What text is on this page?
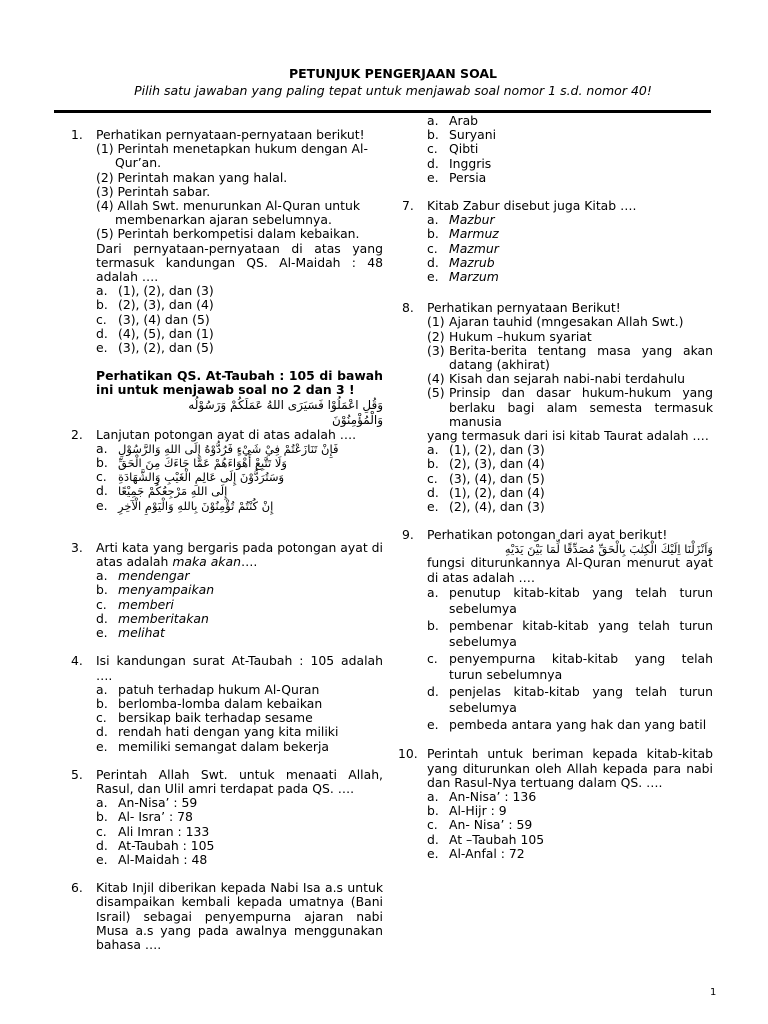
PETUNJUK PENGERJAAN SOAL
Pilih satu jawaban yang paling tepat untuk menjawab soal nomor 1 s.d. nomor 40!
1. Perhatikan pernyataan-pernyataan berikut!
(1) Perintah menetapkan hukum dengan Al-
Qur’an.
(2) Perintah makan yang halal.
(3) Perintah sabar.
(4) Allah Swt. menurunkan Al-Quran untuk
membenarkan ajaran sebelumnya.
(5) Perintah berkompetisi dalam kebaikan.
Dari pernyataan-pernyataan di atas yang termasuk kandungan QS. Al-Maidah : 48 adalah ….
a. (1), (2), dan (3)
b. (2), (3), dan (4)
c. (3), (4) dan (5)
d. (4), (5), dan (1)
e. (3), (2), dan (5)
Perhatikan QS. At-Taubah : 105 di bawah ini untuk menjawab soal no 2 dan 3 !
وَقُلِ اعْمَلُوْا فَسَيَرَى اللهُ عَمَلَكُمْ وَرَسُوْلُه
وَالْمُؤْمِنُوْنَ
2. Lanjutan potongan ayat di atas adalah ….
a. فَإِنْ تَنَازَعْتُمْ فِيْ شَيْءٍ فَرُدُّوْهُ إِلَى اللهِ وَالرَّسُوْلِ
b. وَلَا تَتَّبِعْ أَهْوَاءَهُمْ عَمَّا جَاءَكَ مِنَ الْحَقِّ
c. وَسَتُرَدُّوْنَ إِلَى عَالِمِ الْغَيْبِ وَالشَّهَادَةِ
d. إِلَى اللهِ مَرْجِعُكُمْ جَمِيْعًا
e. إِنْ كُنْتُمْ تُؤْمِنُوْنَ بِاللهِ وَالْيَوْمِ الْآخِرِ
3. Arti kata yang bergaris pada potongan ayat di atas adalah maka akan….
a. mendengar
b. menyampaikan
c. memberi
d. memberitakan
e. melihat
4. Isi kandungan surat At-Taubah : 105 adalah ….
a. patuh terhadap hukum Al-Quran
b. berlomba-lomba dalam kebaikan
c. bersikap baik terhadap sesame
d. rendah hati dengan yang kita miliki
e. memiliki semangat dalam bekerja
5. Perintah Allah Swt. untuk menaati Allah, Rasul, dan Ulil amri terdapat pada QS. ….
a. An-Nisa’ : 59
b. Al- Isra’ : 78
c. Ali Imran : 133
d. At-Taubah : 105
e. Al-Maidah : 48
6. Kitab Injil diberikan kepada Nabi Isa a.s untuk disampaikan kembali kepada umatnya (Bani Israil) sebagai penyempurna ajaran nabi Musa a.s yang pada awalnya menggunakan bahasa ….
a. Arab
b. Suryani
c. Qibti
d. Inggris
e. Persia
7. Kitab Zabur disebut juga Kitab ….
a. Mazbur
b. Marmuz
c. Mazmur
d. Mazrub
e. Marzum
8. Perhatikan pernyataan Berikut!
(1) Ajaran tauhid (mngesakan Allah Swt.)
(2) Hukum –hukum syariat
(3) Berita-berita tentang masa yang akan datang (akhirat)
(4) Kisah dan sejarah nabi-nabi terdahulu
(5) Prinsip dan dasar hukum-hukum yang berlaku bagi alam semesta termasuk manusia
yang termasuk dari isi kitab Taurat adalah ….
a. (1), (2), dan (3)
b. (2), (3), dan (4)
c. (3), (4), dan (5)
d. (1), (2), dan (4)
e. (2), (4), dan (3)
9. Perhatikan potongan dari ayat berikut!
وَاَنْزَلْنَا اِلَيْكَ الْكِتٰبَ بِالْحَقِّ مُصَدِّقًا لِّمَا بَيْنَ يَدَيْهِ
fungsi diturunkannya Al-Quran menurut ayat di atas adalah ….
a. penutup kitab-kitab yang telah turun sebelumya
b. pembenar kitab-kitab yang telah turun sebelumya
c. penyempurna kitab-kitab yang telah turun sebelumnya
d. penjelas kitab-kitab yang telah turun sebelumya
e. pembeda antara yang hak dan yang batil
10. Perintah untuk beriman kepada kitab-kitab yang diturunkan oleh Allah kepada para nabi dan Rasul-Nya tertuang dalam QS. ….
a. An-Nisa’ : 136
b. Al-Hijr : 9
c. An- Nisa’ : 59
d. At –Taubah 105
e. Al-Anfal : 72
1
